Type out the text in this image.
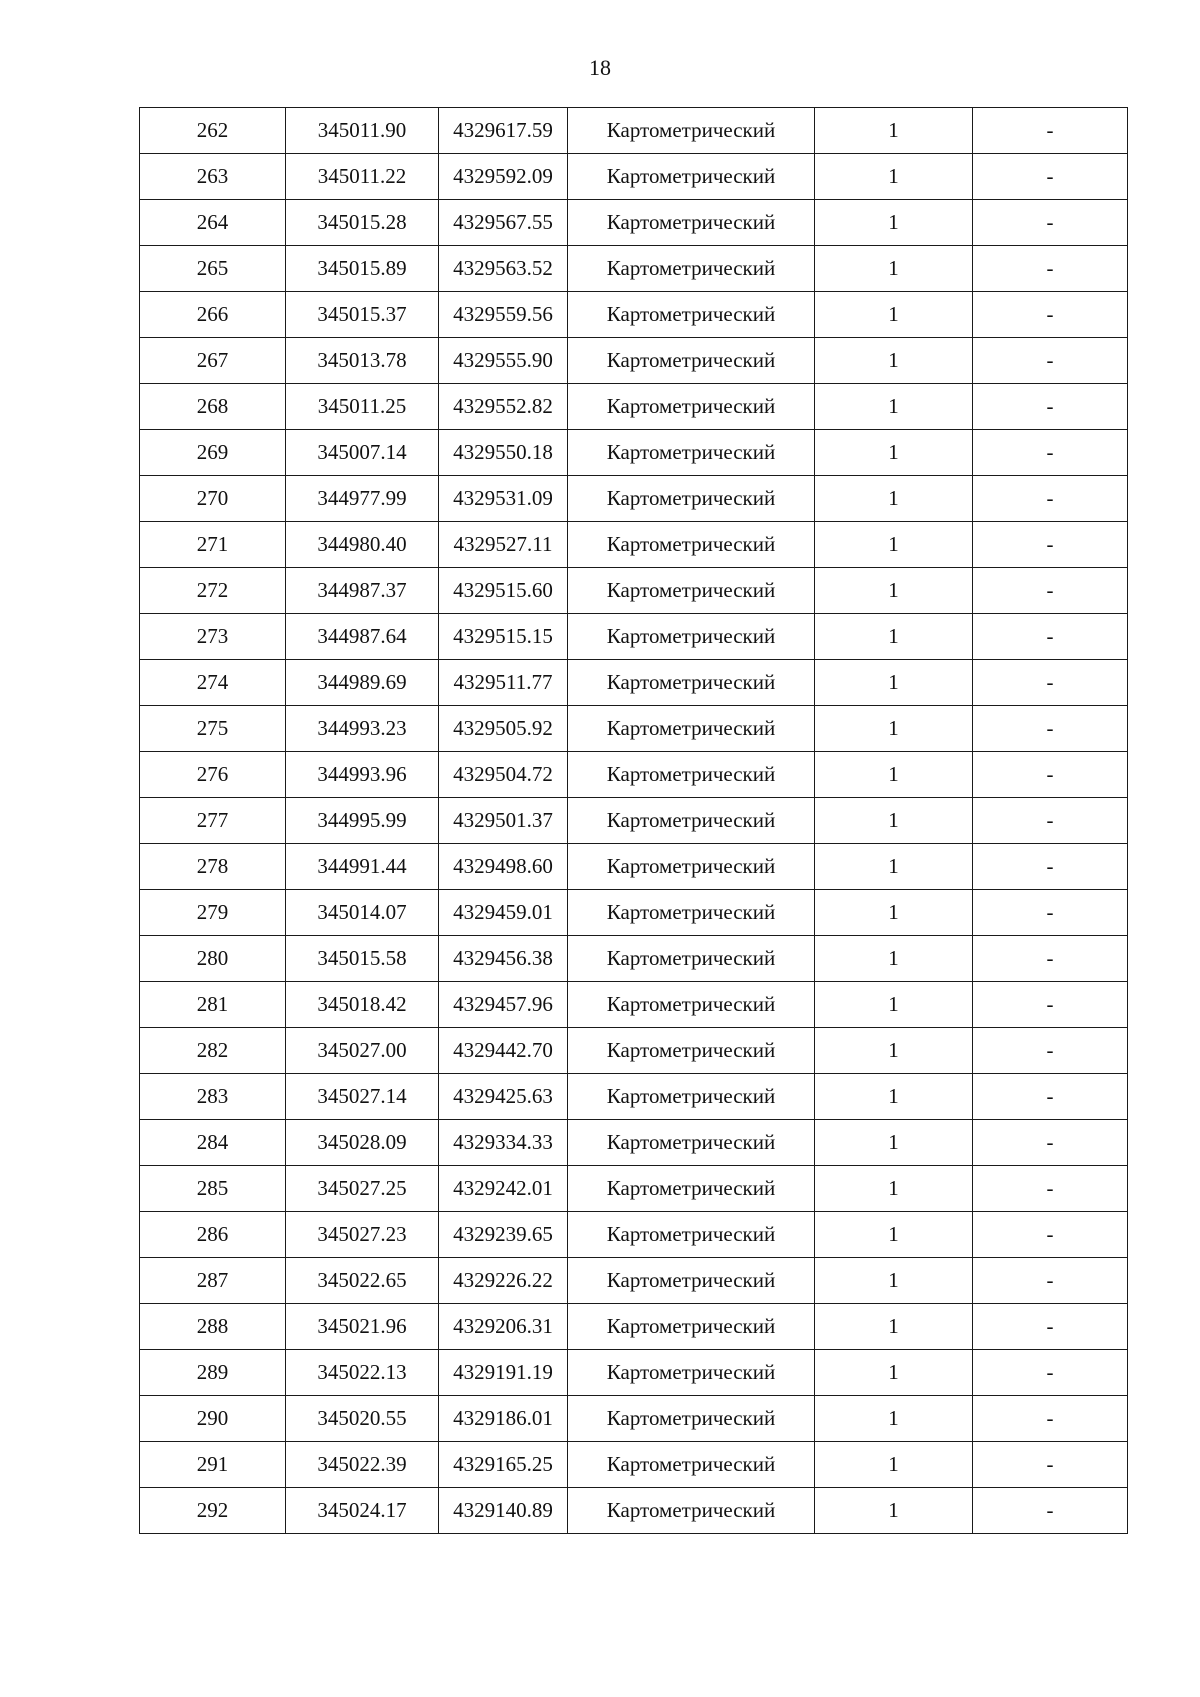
18
262	345011.90	4329617.59	Картометрический	1	-
263	345011.22	4329592.09	Картометрический	1	-
264	345015.28	4329567.55	Картометрический	1	-
265	345015.89	4329563.52	Картометрический	1	-
266	345015.37	4329559.56	Картометрический	1	-
267	345013.78	4329555.90	Картометрический	1	-
268	345011.25	4329552.82	Картометрический	1	-
269	345007.14	4329550.18	Картометрический	1	-
270	344977.99	4329531.09	Картометрический	1	-
271	344980.40	4329527.11	Картометрический	1	-
272	344987.37	4329515.60	Картометрический	1	-
273	344987.64	4329515.15	Картометрический	1	-
274	344989.69	4329511.77	Картометрический	1	-
275	344993.23	4329505.92	Картометрический	1	-
276	344993.96	4329504.72	Картометрический	1	-
277	344995.99	4329501.37	Картометрический	1	-
278	344991.44	4329498.60	Картометрический	1	-
279	345014.07	4329459.01	Картометрический	1	-
280	345015.58	4329456.38	Картометрический	1	-
281	345018.42	4329457.96	Картометрический	1	-
282	345027.00	4329442.70	Картометрический	1	-
283	345027.14	4329425.63	Картометрический	1	-
284	345028.09	4329334.33	Картометрический	1	-
285	345027.25	4329242.01	Картометрический	1	-
286	345027.23	4329239.65	Картометрический	1	-
287	345022.65	4329226.22	Картометрический	1	-
288	345021.96	4329206.31	Картометрический	1	-
289	345022.13	4329191.19	Картометрический	1	-
290	345020.55	4329186.01	Картометрический	1	-
291	345022.39	4329165.25	Картометрический	1	-
292	345024.17	4329140.89	Картометрический	1	-
